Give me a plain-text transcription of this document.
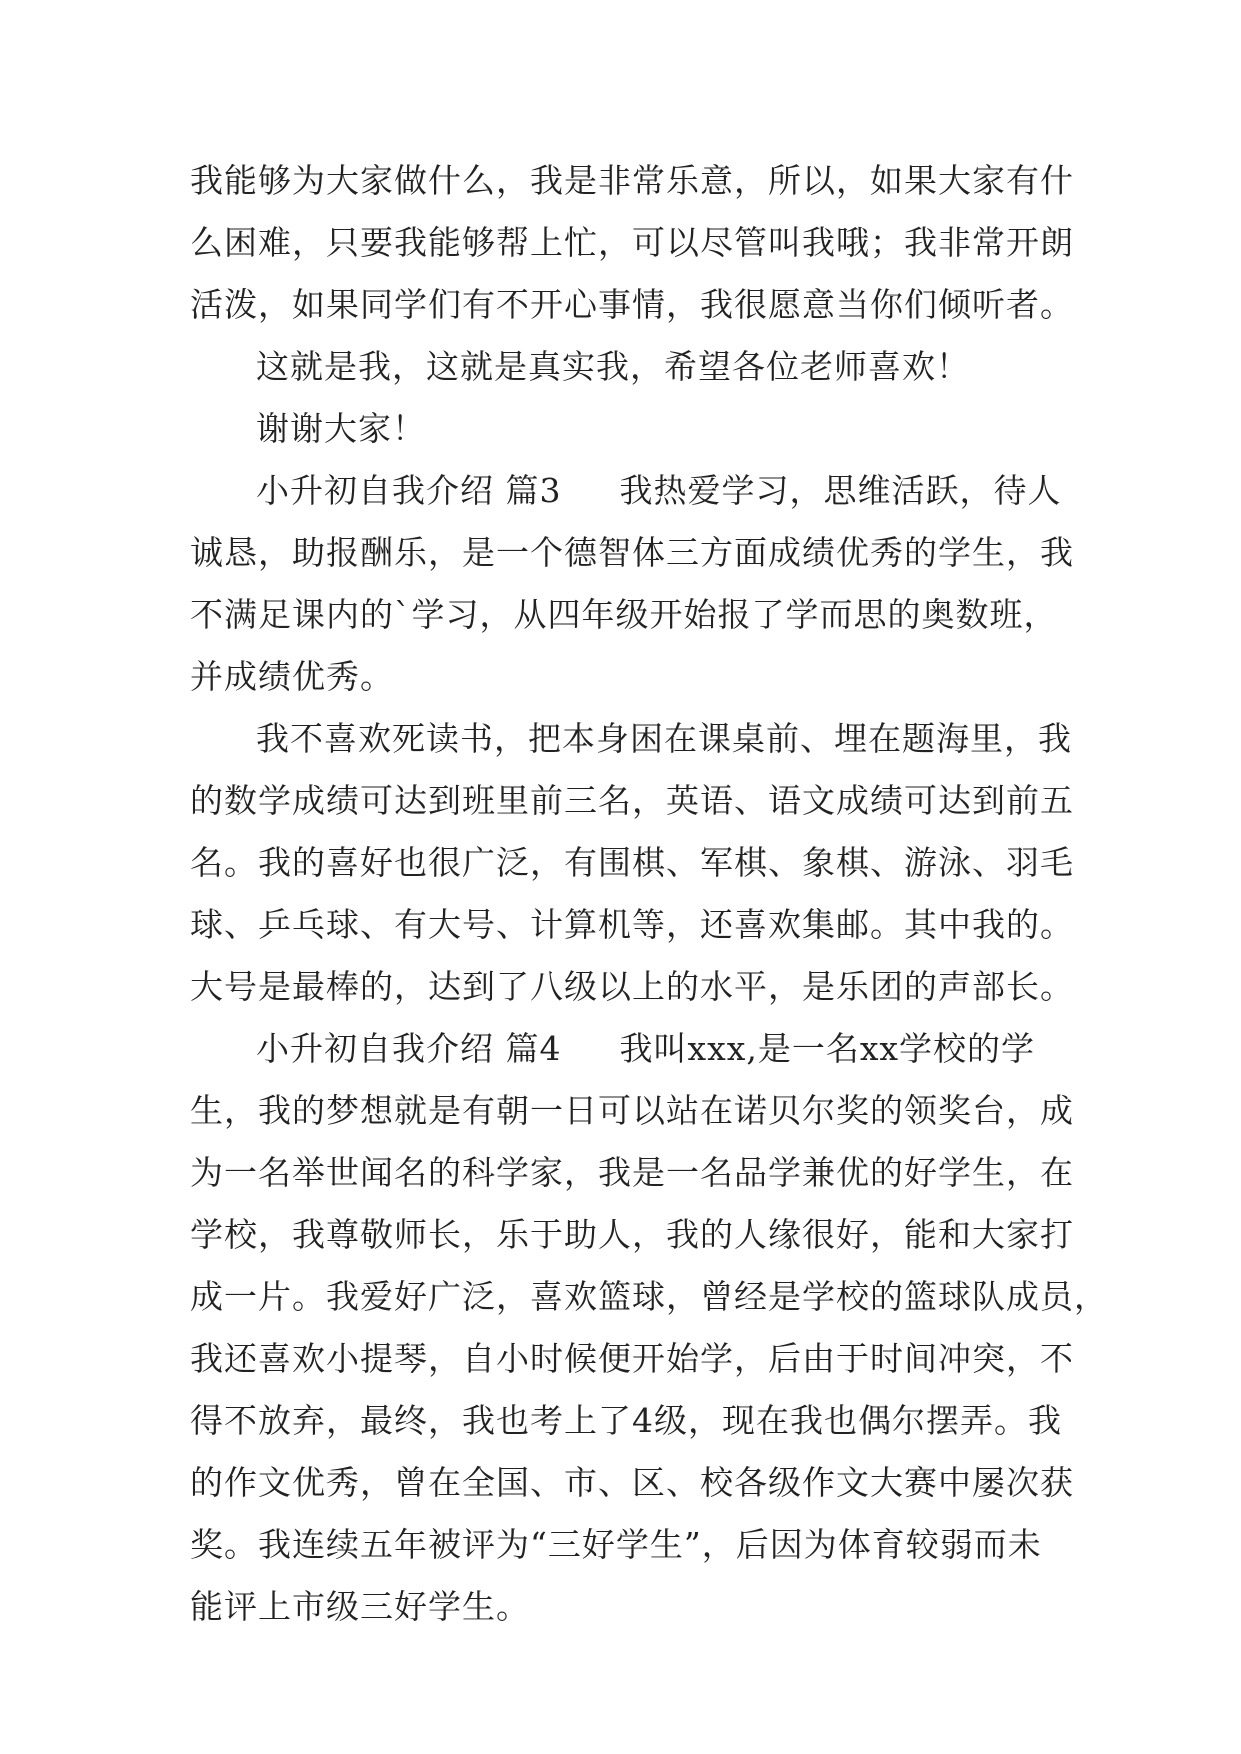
我能够为大家做什么，我是非常乐意，所以，如果大家有什
么困难，只要我能够帮上忙，可以尽管叫我哦；我非常开朗
活泼，如果同学们有不开心事情，我很愿意当你们倾听者。
这就是我，这就是真实我，希望各位老师喜欢！
谢谢大家！
小升初自我介绍 篇3 我热爱学习，思维活跃，待人
诚恳，助报酬乐，是一个德智体三方面成绩优秀的学生，我
不满足课内的`学习，从四年级开始报了学而思的奥数班，
并成绩优秀。
我不喜欢死读书，把本身困在课桌前、埋在题海里，我
的数学成绩可达到班里前三名，英语、语文成绩可达到前五
名。我的喜好也很广泛，有围棋、军棋、象棋、游泳、羽毛
球、乒乓球、有大号、计算机等，还喜欢集邮。其中我的。
大号是最棒的，达到了八级以上的水平，是乐团的声部长。
小升初自我介绍 篇4 我叫xxx,是一名xx学校的学
生，我的梦想就是有朝一日可以站在诺贝尔奖的领奖台，成
为一名举世闻名的科学家，我是一名品学兼优的好学生，在
学校，我尊敬师长，乐于助人，我的人缘很好，能和大家打
成一片。我爱好广泛，喜欢篮球，曾经是学校的篮球队成员，
我还喜欢小提琴，自小时候便开始学，后由于时间冲突，不
得不放弃，最终，我也考上了4级，现在我也偶尔摆弄。我
的作文优秀，曾在全国、市、区、校各级作文大赛中屡次获
奖。我连续五年被评为“三好学生”，后因为体育较弱而未
能评上市级三好学生。
